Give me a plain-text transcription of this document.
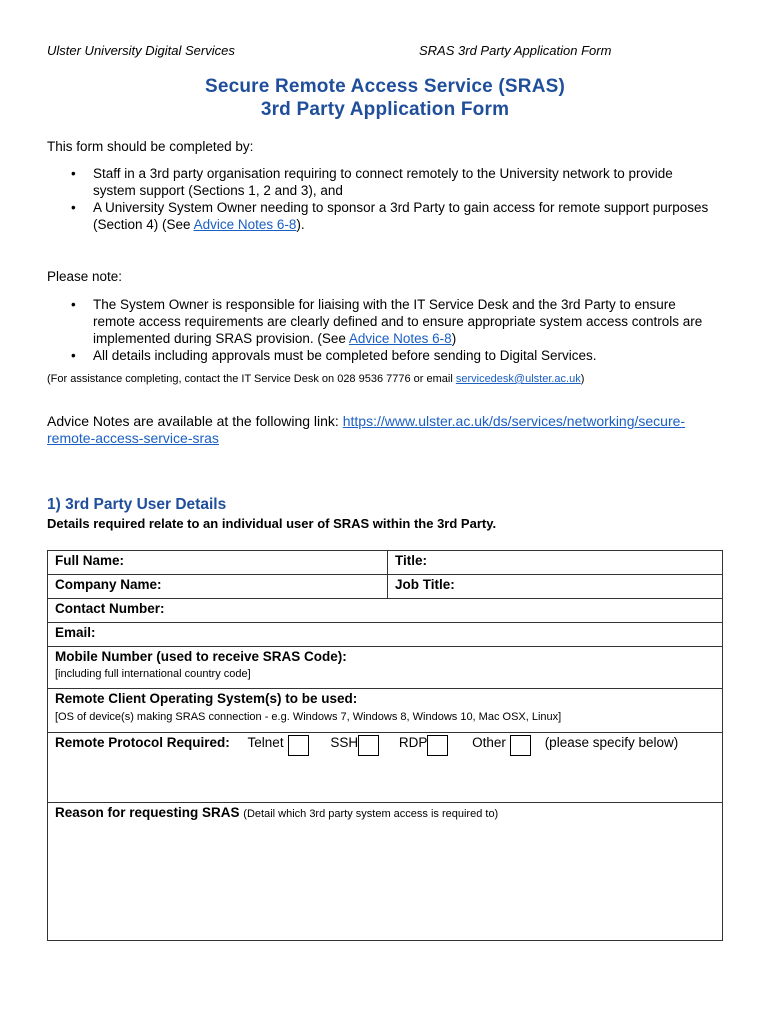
Ulster University Digital Services	SRAS 3rd Party Application Form
Secure Remote Access Service (SRAS)
3rd Party Application Form
This form should be completed by:
• Staff in a 3rd party organisation requiring to connect remotely to the University network to provide system support (Sections 1, 2 and 3), and
• A University System Owner needing to sponsor a 3rd Party to gain access for remote support purposes (Section 4) (See Advice Notes 6-8).
Please note:
• The System Owner is responsible for liaising with the IT Service Desk and the 3rd Party to ensure remote access requirements are clearly defined and to ensure appropriate system access controls are implemented during SRAS provision. (See Advice Notes 6-8)
• All details including approvals must be completed before sending to Digital Services.
(For assistance completing, contact the IT Service Desk on 028 9536 7776 or email servicedesk@ulster.ac.uk)
Advice Notes are available at the following link: https://www.ulster.ac.uk/ds/services/networking/secure-remote-access-service-sras
1) 3rd Party User Details
Details required relate to an individual user of SRAS within the 3rd Party.
Full Name:	Title:
Company Name:	Job Title:
Contact Number:	
Email:	

Mobile Number (used to receive SRAS Code):
[including full international country code]	

Remote Client Operating System(s) to be used:
[OS of device(s) making SRAS connection - e.g. Windows 7, Windows 8, Windows 10, Mac OSX, Linux]	

Remote Protocol Required: Telnet SSH RDP Other (please specify below)	
Reason for requesting SRAS (Detail which 3rd party system access is required to)	
